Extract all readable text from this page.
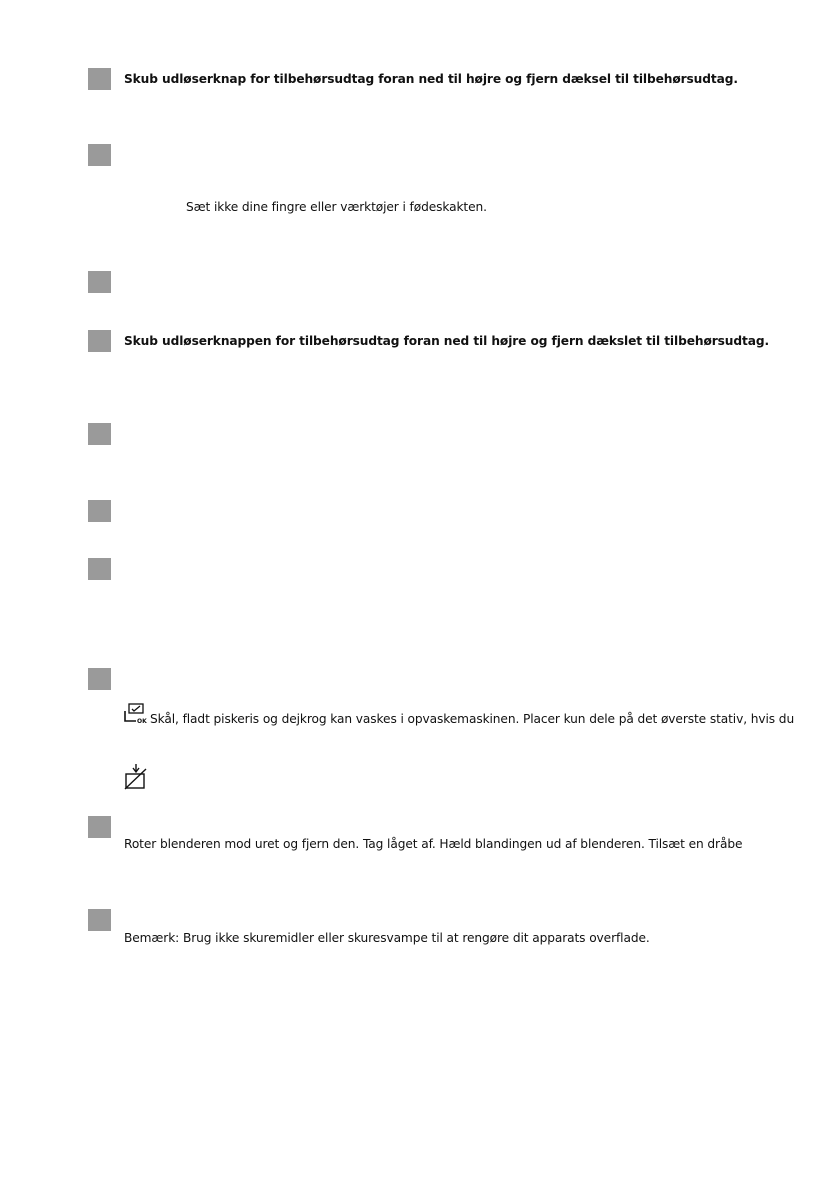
Skub udløserknap for tilbehørsudtag foran ned til højre og fjern dæksel til tilbehørsudtag.
Sæt ikke dine fingre eller værktøjer i fødeskakten.
Skub udløserknappen for tilbehørsudtag foran ned til højre og fjern dækslet til tilbehørsudtag.
OK Skål, fladt piskeris og dejkrog kan vaskes i opvaskemaskinen. Placer kun dele på det øverste stativ, hvis du
Roter blenderen mod uret og fjern den. Tag låget af. Hæld blandingen ud af blenderen. Tilsæt en dråbe
Bemærk: Brug ikke skuremidler eller skuresvampe til at rengøre dit apparats overflade.
